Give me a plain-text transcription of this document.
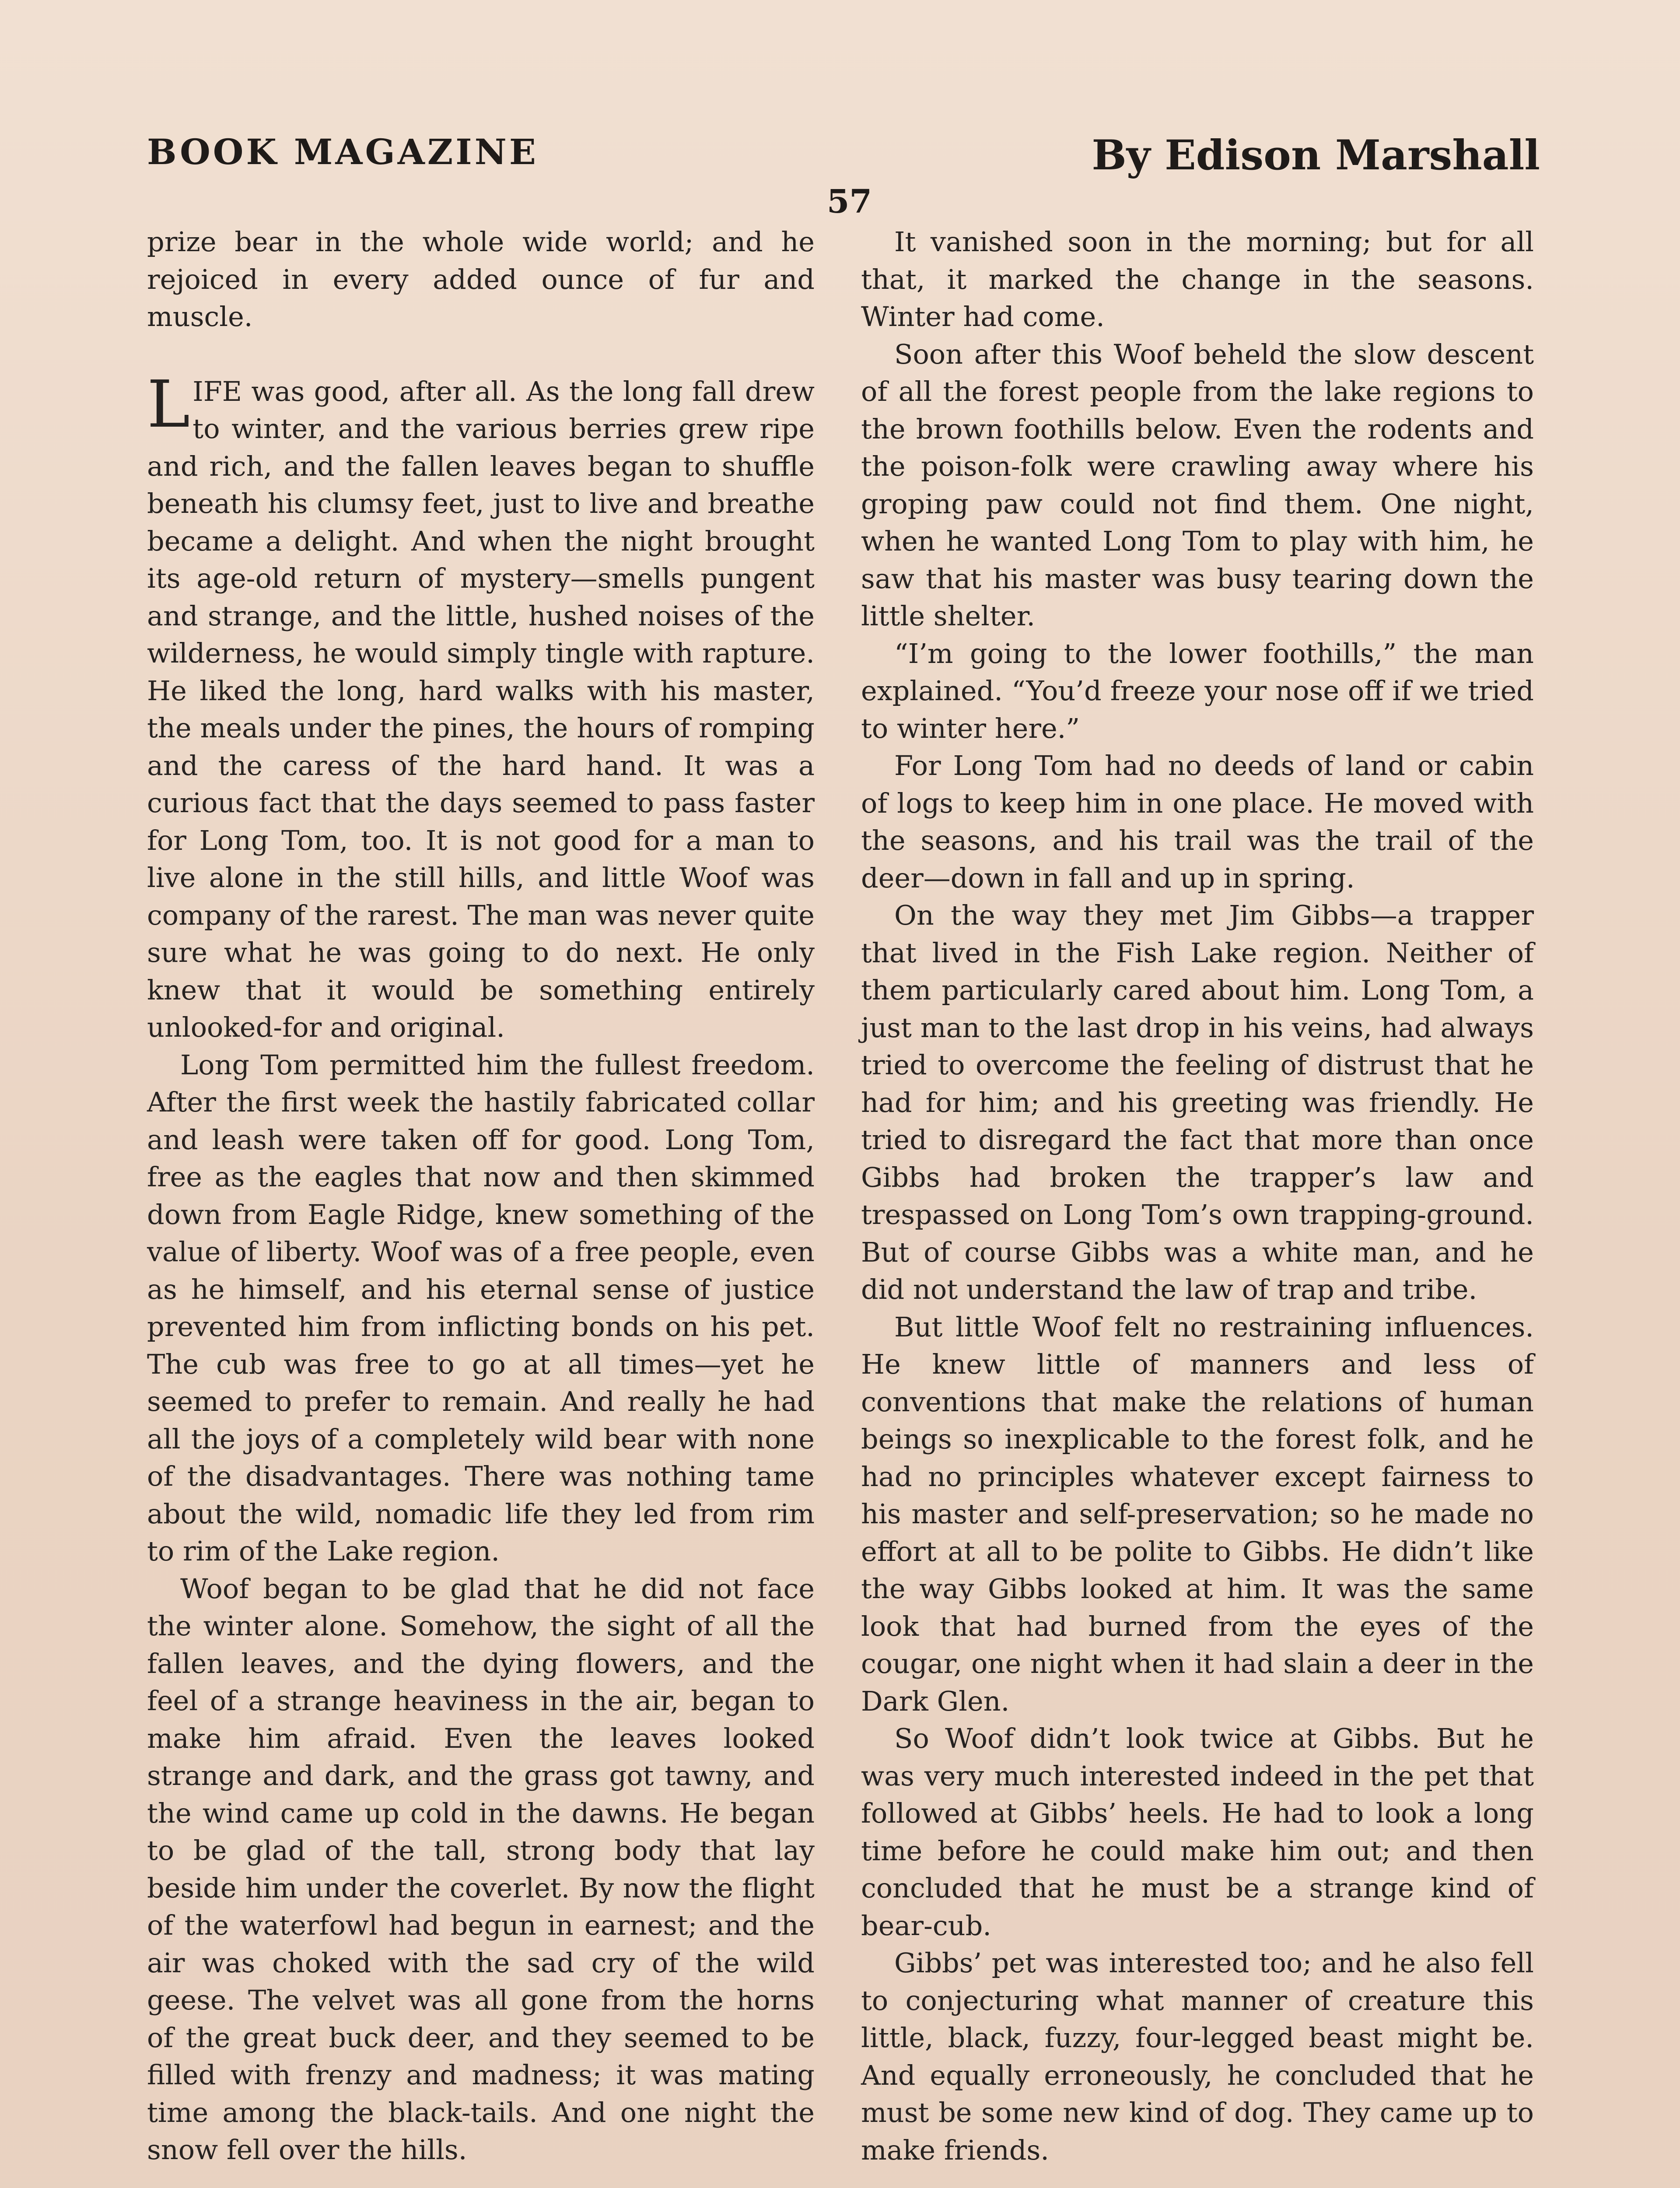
BOOK MAGAZINE	By Edison Marshall
57

prize bear in the whole wide world; and he rejoiced in every added ounce of fur and muscle.

LIFE was good, after all. As the long fall drew to winter, and the various berries grew ripe and rich, and the fallen leaves began to shuffle beneath his clumsy feet, just to live and breathe became a delight. And when the night brought its age-old return of mystery—smells pungent and strange, and the little, hushed noises of the wilderness, he would simply tingle with rapture. He liked the long, hard walks with his master, the meals under the pines, the hours of romping and the caress of the hard hand. It was a curious fact that the days seemed to pass faster for Long Tom, too. It is not good for a man to live alone in the still hills, and little Woof was company of the rarest. The man was never quite sure what he was going to do next. He only knew that it would be something entirely unlooked-for and original.

Long Tom permitted him the fullest freedom. After the first week the hastily fabricated collar and leash were taken off for good. Long Tom, free as the eagles that now and then skimmed down from Eagle Ridge, knew something of the value of liberty. Woof was of a free people, even as he himself, and his eternal sense of justice prevented him from inflicting bonds on his pet. The cub was free to go at all times—yet he seemed to prefer to remain. And really he had all the joys of a completely wild bear with none of the disadvantages. There was nothing tame about the wild, nomadic life they led from rim to rim of the Lake region.

Woof began to be glad that he did not face the winter alone. Somehow, the sight of all the fallen leaves, and the dying flowers, and the feel of a strange heaviness in the air, began to make him afraid. Even the leaves looked strange and dark, and the grass got tawny, and the wind came up cold in the dawns. He began to be glad of the tall, strong body that lay beside him under the coverlet. By now the flight of the waterfowl had begun in earnest; and the air was choked with the sad cry of the wild geese. The velvet was all gone from the horns of the great buck deer, and they seemed to be filled with frenzy and madness; it was mating time among the black-tails. And one night the snow fell over the hills.

It vanished soon in the morning; but for all that, it marked the change in the seasons. Winter had come.

Soon after this Woof beheld the slow descent of all the forest people from the lake regions to the brown foothills below. Even the rodents and the poison-folk were crawling away where his groping paw could not find them. One night, when he wanted Long Tom to play with him, he saw that his master was busy tearing down the little shelter.

“I’m going to the lower foothills,” the man explained. “You’d freeze your nose off if we tried to winter here.”

For Long Tom had no deeds of land or cabin of logs to keep him in one place. He moved with the seasons, and his trail was the trail of the deer—down in fall and up in spring.

On the way they met Jim Gibbs—a trapper that lived in the Fish Lake region. Neither of them particularly cared about him. Long Tom, a just man to the last drop in his veins, had always tried to overcome the feeling of distrust that he had for him; and his greeting was friendly. He tried to disregard the fact that more than once Gibbs had broken the trapper’s law and trespassed on Long Tom’s own trapping-ground. But of course Gibbs was a white man, and he did not understand the law of trap and tribe.

But little Woof felt no restraining influences. He knew little of manners and less of conventions that make the relations of human beings so inexplicable to the forest folk, and he had no principles whatever except fairness to his master and self-preservation; so he made no effort at all to be polite to Gibbs. He didn’t like the way Gibbs looked at him. It was the same look that had burned from the eyes of the cougar, one night when it had slain a deer in the Dark Glen.

So Woof didn’t look twice at Gibbs. But he was very much interested indeed in the pet that followed at Gibbs’ heels. He had to look a long time before he could make him out; and then concluded that he must be a strange kind of bear-cub.

Gibbs’ pet was interested too; and he also fell to conjecturing what manner of creature this little, black, fuzzy, four-legged beast might be. And equally erroneously, he concluded that he must be some new kind of dog. They came up to make friends.
